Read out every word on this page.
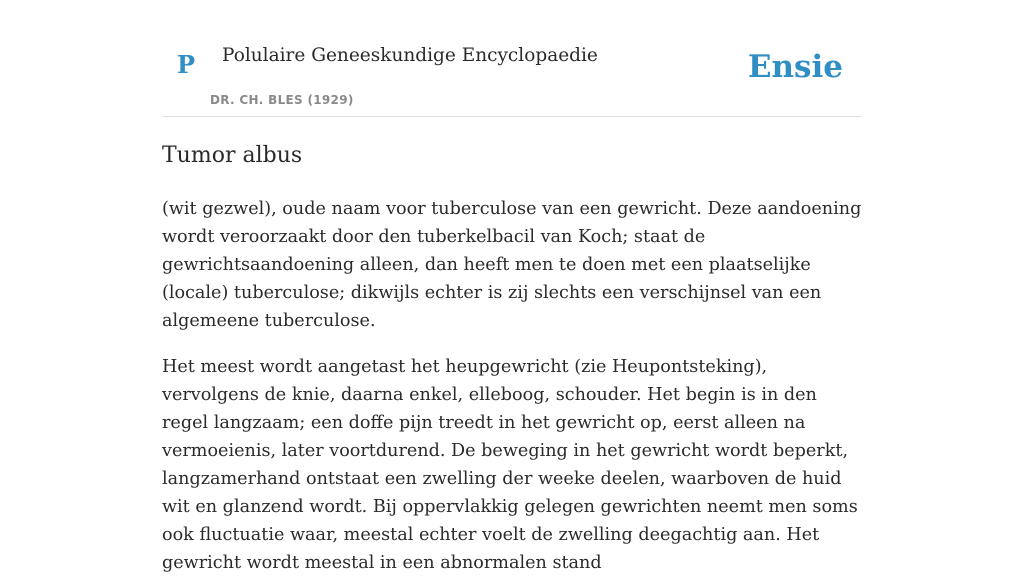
P Polulaire Geneeskundige Encyclopaedie
DR. CH. BLES (1929)
Ensie
Tumor albus

(wit gezwel), oude naam voor tuberculose van een gewricht. Deze aandoening wordt veroorzaakt door den tuberkelbacil van Koch; staat de gewrichtsaandoening alleen, dan heeft men te doen met een plaatselijke (locale) tuberculose; dikwijls echter is zij slechts een verschijnsel van een algemeene tuberculose.

Het meest wordt aangetast het heupgewricht (zie Heupontsteking), vervolgens de knie, daarna enkel, elleboog, schouder. Het begin is in den regel langzaam; een doffe pijn treedt in het gewricht op, eerst alleen na vermoeienis, later voortdurend. De beweging in het gewricht wordt beperkt, langzamerhand ontstaat een zwelling der weeke deelen, waarboven de huid wit en glanzend wordt. Bij oppervlakkig gelegen gewrichten neemt men soms ook fluctuatie waar, meestal echter voelt de zwelling deegachtig aan. Het gewricht wordt meestal in een abnormalen stand
